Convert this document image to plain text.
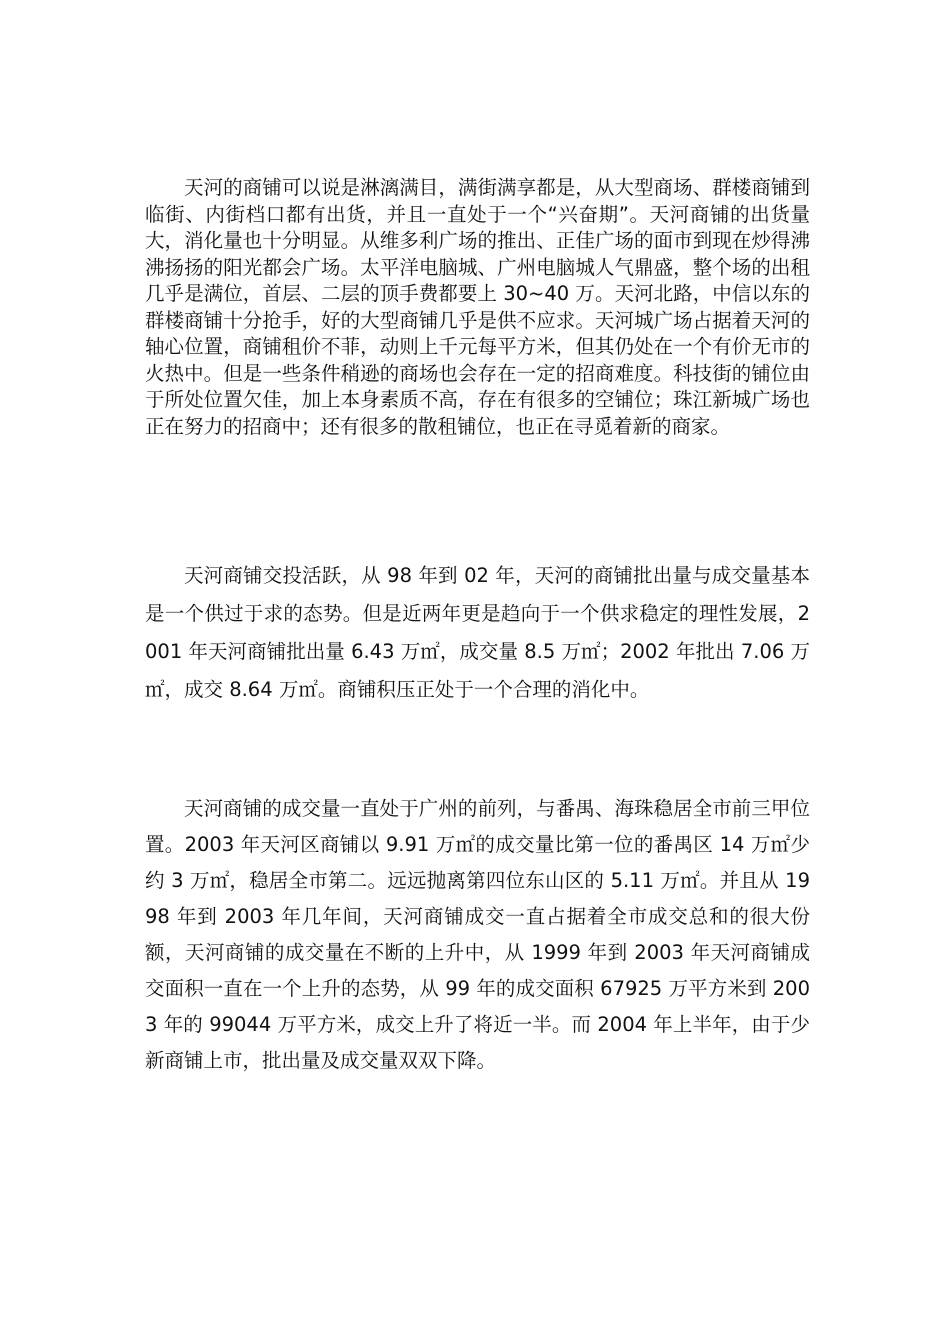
天河的商铺可以说是淋漓满目，满街满享都是，从大型商场、群楼商铺到临街、内街档口都有出货，并且一直处于一个“兴奋期”。天河商铺的出货量大，消化量也十分明显。从维多利广场的推出、正佳广场的面市到现在炒得沸沸扬扬的阳光都会广场。太平洋电脑城、广州电脑城人气鼎盛，整个场的出租几乎是满位，首层、二层的顶手费都要上 30~40 万。天河北路，中信以东的群楼商铺十分抢手，好的大型商铺几乎是供不应求。天河城广场占据着天河的轴心位置，商铺租价不菲，动则上千元每平方米，但其仍处在一个有价无市的火热中。但是一些条件稍逊的商场也会存在一定的招商难度。科技街的铺位由于所处位置欠佳，加上本身素质不高，存在有很多的空铺位；珠江新城广场也正在努力的招商中；还有很多的散租铺位，也正在寻觅着新的商家。

天河商铺交投活跃，从 98 年到 02 年，天河的商铺批出量与成交量基本是一个供过于求的态势。但是近两年更是趋向于一个供求稳定的理性发展，2001 年天河商铺批出量 6.43 万㎡，成交量 8.5 万㎡；2002 年批出 7.06 万㎡，成交 8.64 万㎡。商铺积压正处于一个合理的消化中。

天河商铺的成交量一直处于广州的前列，与番禺、海珠稳居全市前三甲位置。2003 年天河区商铺以 9.91 万㎡的成交量比第一位的番禺区 14 万㎡少约 3 万㎡，稳居全市第二。远远抛离第四位东山区的 5.11 万㎡。并且从 1998 年到 2003 年几年间，天河商铺成交一直占据着全市成交总和的很大份额，天河商铺的成交量在不断的上升中，从 1999 年到 2003 年天河商铺成交面积一直在一个上升的态势，从 99 年的成交面积 67925 万平方米到 2003 年的 99044 万平方米，成交上升了将近一半。而 2004 年上半年，由于少新商铺上市，批出量及成交量双双下降。
